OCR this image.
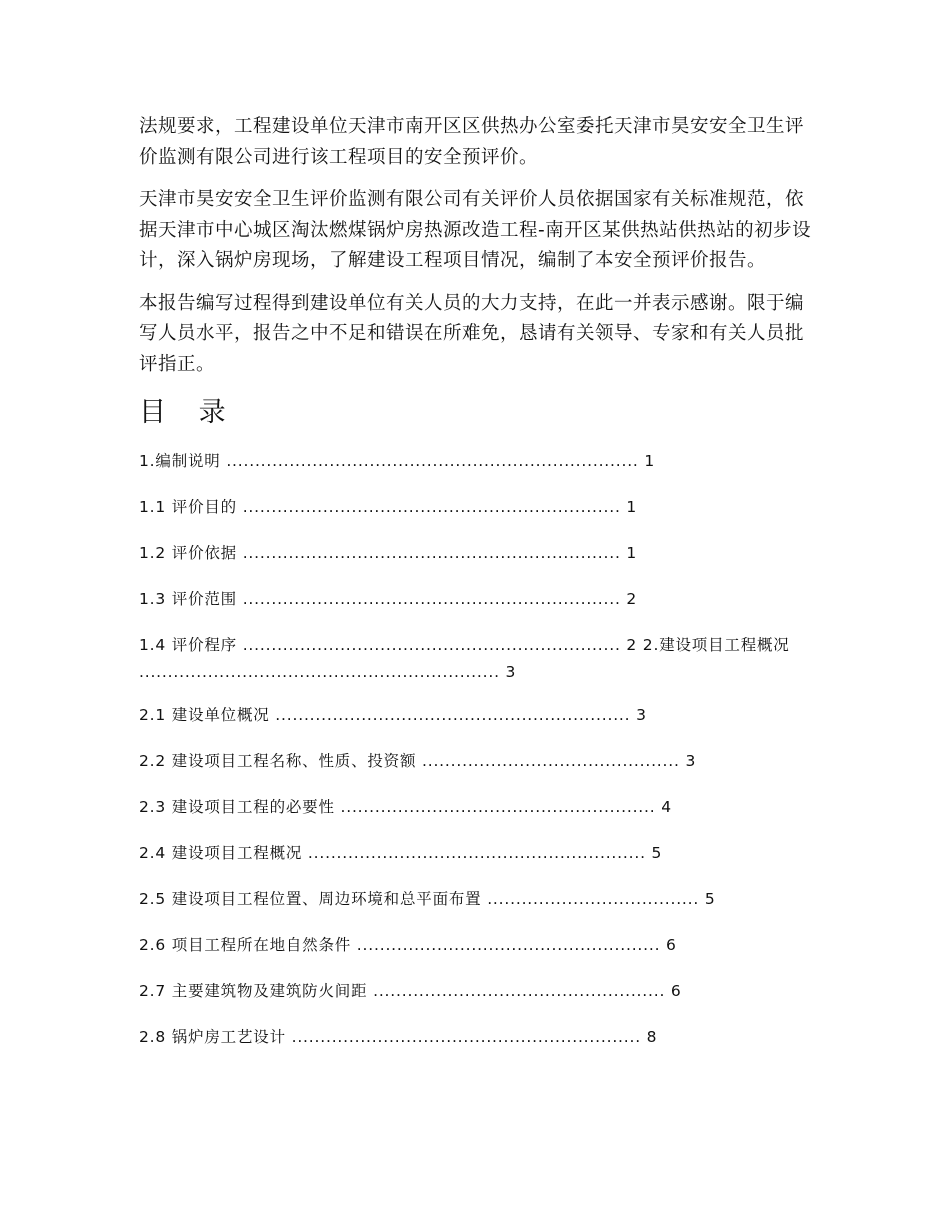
法规要求，工程建设单位天津市南开区区供热办公室委托天津市昊安安全卫生评价监测有限公司进行该工程项目的安全预评价。

天津市昊安安全卫生评价监测有限公司有关评价人员依据国家有关标准规范，依据天津市中心城区淘汰燃煤锅炉房热源改造工程-南开区某供热站供热站的初步设计，深入锅炉房现场，了解建设工程项目情况，编制了本安全预评价报告。

本报告编写过程得到建设单位有关人员的大力支持，在此一并表示感谢。限于编写人员水平，报告之中不足和错误在所难免，恳请有关领导、专家和有关人员批评指正。

目 录
1.编制说明 ........................................................................ 1
1.1 评价目的 .................................................................. 1
1.2 评价依据 .................................................................. 1
1.3 评价范围 .................................................................. 2
1.4 评价程序 .................................................................. 2 2.建设项目工程概况 ............................................................... 3
2.1 建设单位概况 .............................................................. 3
2.2 建设项目工程名称、性质、投资额 ............................................. 3
2.3 建设项目工程的必要性 ....................................................... 4
2.4 建设项目工程概况 ........................................................... 5
2.5 建设项目工程位置、周边环境和总平面布置 ..................................... 5
2.6 项目工程所在地自然条件 ..................................................... 6
2.7 主要建筑物及建筑防火间距 ................................................... 6
2.8 锅炉房工艺设计 ............................................................. 8
